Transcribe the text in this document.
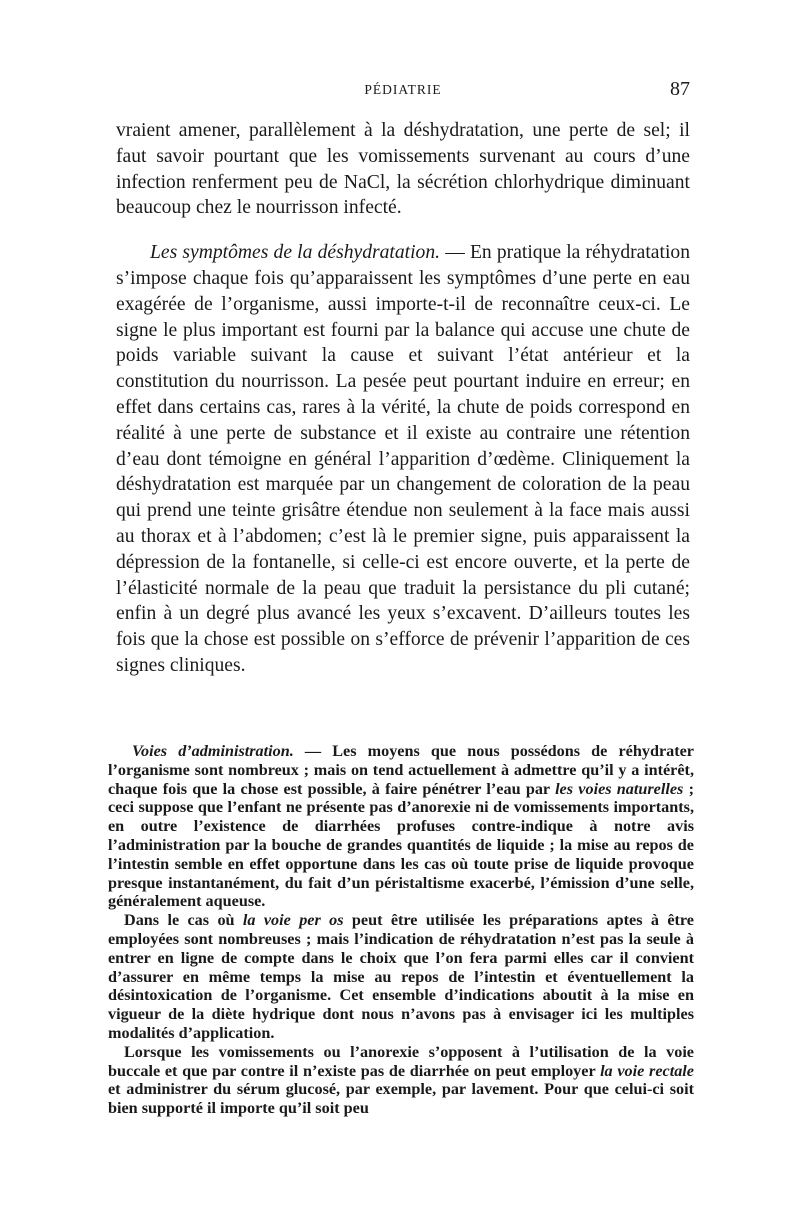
PÉDIATRIE	87

vraient amener, parallèlement à la déshydratation, une perte de sel; il faut savoir pourtant que les vomissements survenant au cours d’une infection renferment peu de NaCl, la sécrétion chlorhydrique diminuant beaucoup chez le nourrisson infecté.

Les symptômes de la déshydratation. — En pratique la réhydratation s’impose chaque fois qu’apparaissent les symptômes d’une perte en eau exagérée de l’organisme, aussi importe-t-il de reconnaître ceux-ci. Le signe le plus important est fourni par la balance qui accuse une chute de poids variable suivant la cause et suivant l’état antérieur et la constitution du nourrisson. La pesée peut pourtant induire en erreur; en effet dans certains cas, rares à la vérité, la chute de poids correspond en réalité à une perte de substance et il existe au contraire une rétention d’eau dont témoigne en général l’apparition d’œdème. Cliniquement la déshydratation est marquée par un changement de coloration de la peau qui prend une teinte grisâtre étendue non seulement à la face mais aussi au thorax et à l’abdomen; c’est là le premier signe, puis apparaissent la dépression de la fontanelle, si celle-ci est encore ouverte, et la perte de l’élasticité normale de la peau que traduit la persistance du pli cutané; enfin à un degré plus avancé les yeux s’excavent. D’ailleurs toutes les fois que la chose est possible on s’efforce de prévenir l’apparition de ces signes cliniques.

Voies d’administration. — Les moyens que nous possédons de réhydrater l’organisme sont nombreux ; mais on tend actuellement à admettre qu’il y a intérêt, chaque fois que la chose est possible, à faire pénétrer l’eau par les voies naturelles ; ceci suppose que l’enfant ne présente pas d’anorexie ni de vomissements importants, en outre l’existence de diarrhées profuses contre-indique à notre avis l’administration par la bouche de grandes quantités de liquide ; la mise au repos de l’intestin semble en effet opportune dans les cas où toute prise de liquide provoque presque instantanément, du fait d’un péristaltisme exacerbé, l’émission d’une selle, généralement aqueuse.

Dans le cas où la voie per os peut être utilisée les préparations aptes à être employées sont nombreuses ; mais l’indication de réhydratation n’est pas la seule à entrer en ligne de compte dans le choix que l’on fera parmi elles car il convient d’assurer en même temps la mise au repos de l’intestin et éventuellement la désintoxication de l’organisme. Cet ensemble d’indications aboutit à la mise en vigueur de la diète hydrique dont nous n’avons pas à envisager ici les multiples modalités d’application.

Lorsque les vomissements ou l’anorexie s’opposent à l’utilisation de la voie buccale et que par contre il n’existe pas de diarrhée on peut employer la voie rectale et administrer du sérum glucosé, par exemple, par lavement. Pour que celui-ci soit bien supporté il importe qu’il soit peu
